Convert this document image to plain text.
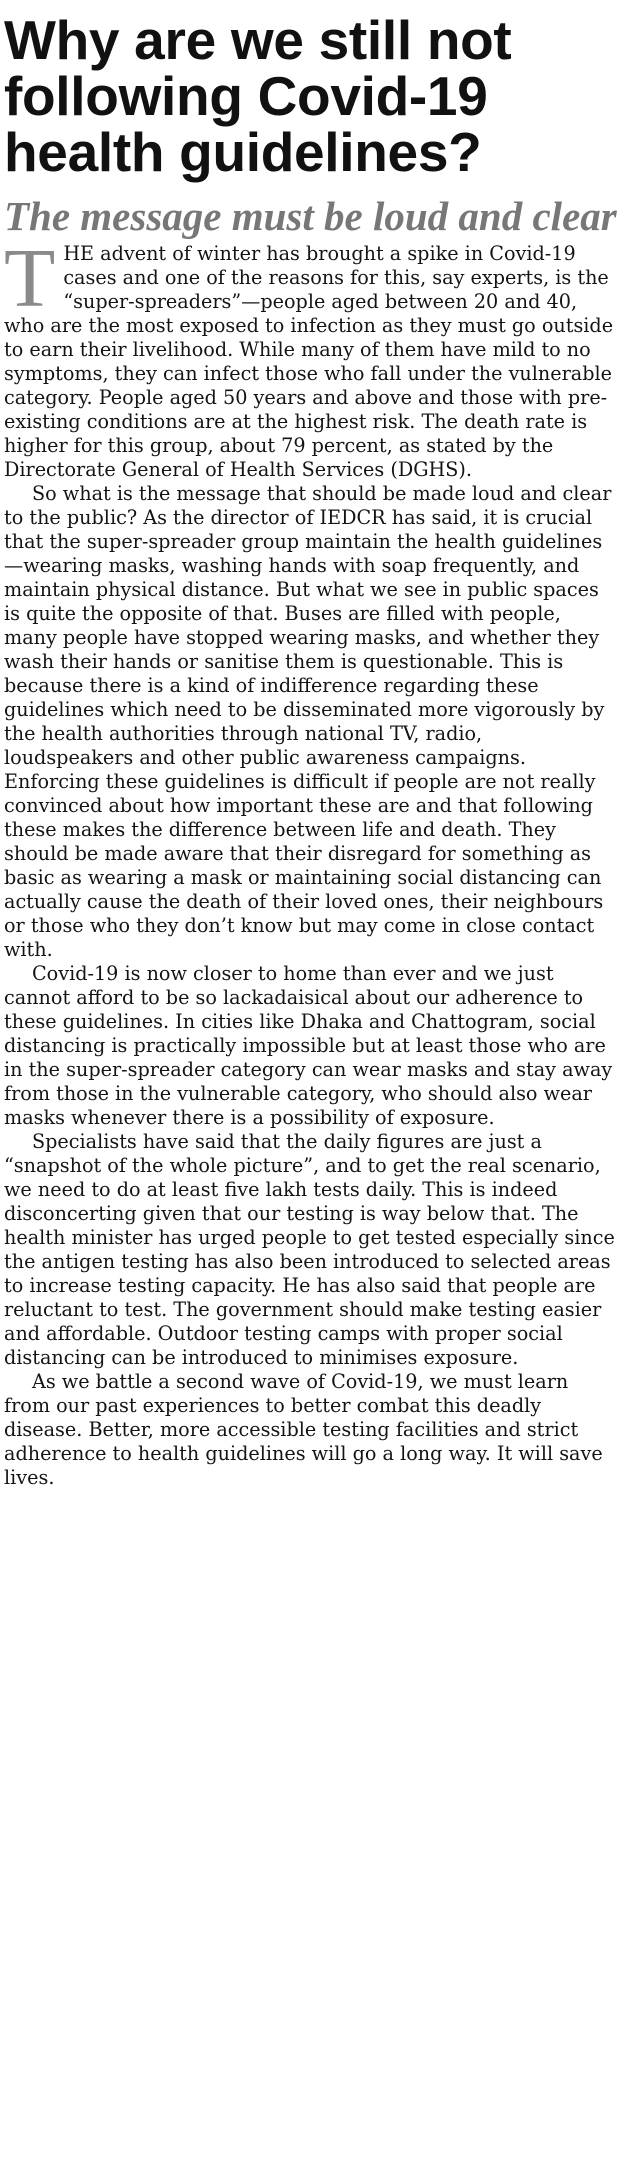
Why are we still not following Covid-19 health guidelines?
The message must be loud and clear

THE advent of winter has brought a spike in Covid-19 cases and one of the reasons for this, say experts, is the “super-spreaders”—people aged between 20 and 40, who are the most exposed to infection as they must go outside to earn their livelihood. While many of them have mild to no symptoms, they can infect those who fall under the vulnerable category. People aged 50 years and above and those with pre-existing conditions are at the highest risk. The death rate is higher for this group, about 79 percent, as stated by the Directorate General of Health Services (DGHS).

So what is the message that should be made loud and clear to the public? As the director of IEDCR has said, it is crucial that the super-spreader group maintain the health guidelines—wearing masks, washing hands with soap frequently, and maintain physical distance. But what we see in public spaces is quite the opposite of that. Buses are filled with people, many people have stopped wearing masks, and whether they wash their hands or sanitise them is questionable. This is because there is a kind of indifference regarding these guidelines which need to be disseminated more vigorously by the health authorities through national TV, radio, loudspeakers and other public awareness campaigns. Enforcing these guidelines is difficult if people are not really convinced about how important these are and that following these makes the difference between life and death. They should be made aware that their disregard for something as basic as wearing a mask or maintaining social distancing can actually cause the death of their loved ones, their neighbours or those who they don’t know but may come in close contact with.

Covid-19 is now closer to home than ever and we just cannot afford to be so lackadaisical about our adherence to these guidelines. In cities like Dhaka and Chattogram, social distancing is practically impossible but at least those who are in the super-spreader category can wear masks and stay away from those in the vulnerable category, who should also wear masks whenever there is a possibility of exposure.

Specialists have said that the daily figures are just a “snapshot of the whole picture”, and to get the real scenario, we need to do at least five lakh tests daily. This is indeed disconcerting given that our testing is way below that. The health minister has urged people to get tested especially since the antigen testing has also been introduced to selected areas to increase testing capacity. He has also said that people are reluctant to test. The government should make testing easier and affordable. Outdoor testing camps with proper social distancing can be introduced to minimises exposure.

As we battle a second wave of Covid-19, we must learn from our past experiences to better combat this deadly disease. Better, more accessible testing facilities and strict adherence to health guidelines will go a long way. It will save lives.
